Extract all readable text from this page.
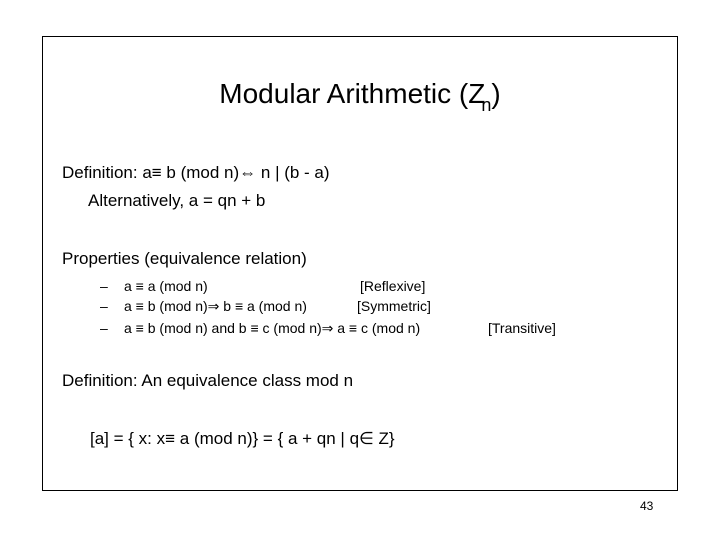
Modular Arithmetic $(Z_n)$
Definition: a≡ b (mod n)⇔ n | (b - a)
Alternatively, a = qn + b
Properties (equivalence relation)
– a ≡ a (mod n)	[Reflexive]
– a ≡ b (mod n)⇒ b ≡ a (mod n)	[Symmetric]
– a ≡ b (mod n) and b ≡ c (mod n)⇒ a ≡ c (mod n)	[Transitive]
Definition: An equivalence class mod n
[a] = { x: x≡ a (mod n)} = { a + qn | q∈ Z}
43
